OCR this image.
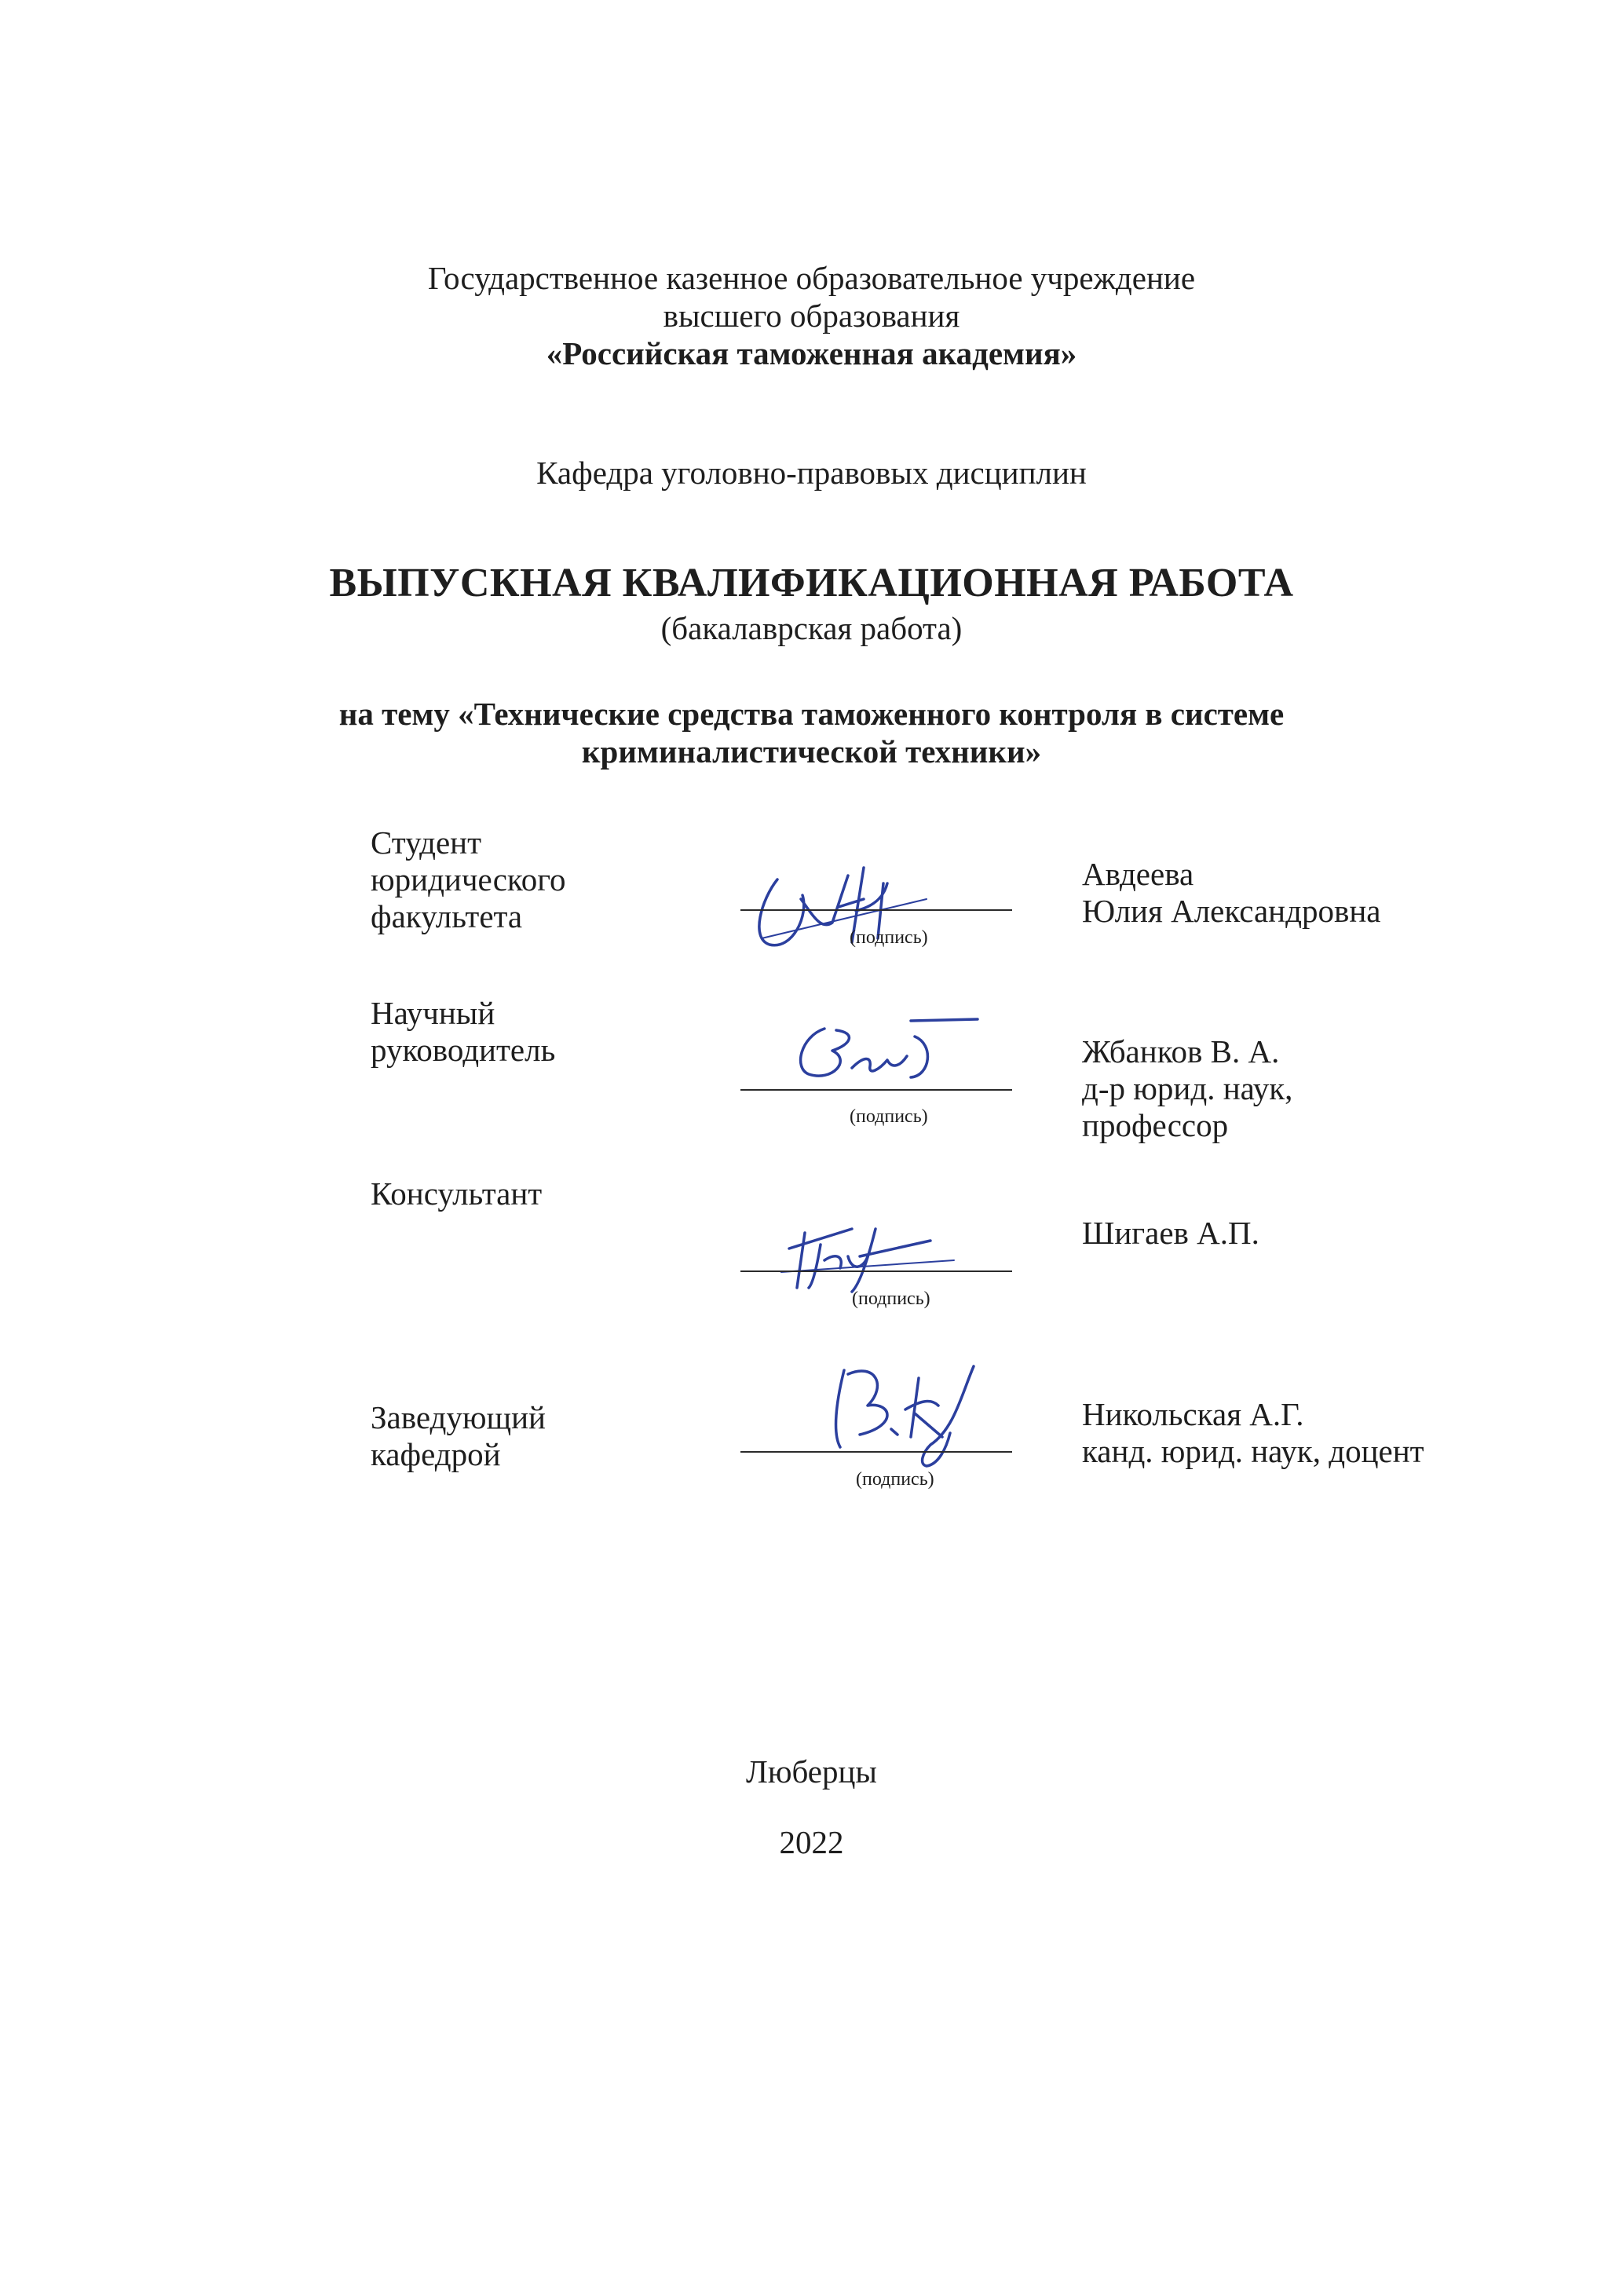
Государственное казенное образовательное учреждение
высшего образования
«Российская таможенная академия»
Кафедра уголовно-правовых дисциплин
ВЫПУСКНАЯ КВАЛИФИКАЦИОННАЯ РАБОТА
(бакалаврская работа)
на тему «Технические средства таможенного контроля в системе
криминалистической техники»
Студент
юридического
факультета
(подпись)
Авдеева
Юлия Александровна
Научный
руководитель
(подпись)
Жбанков В. А.
д-р юрид. наук,
профессор
Консультант
(подпись)
Шигаев А.П.
Заведующий
кафедрой
(подпись)
Никольская А.Г.
канд. юрид. наук, доцент
Люберцы
2022
